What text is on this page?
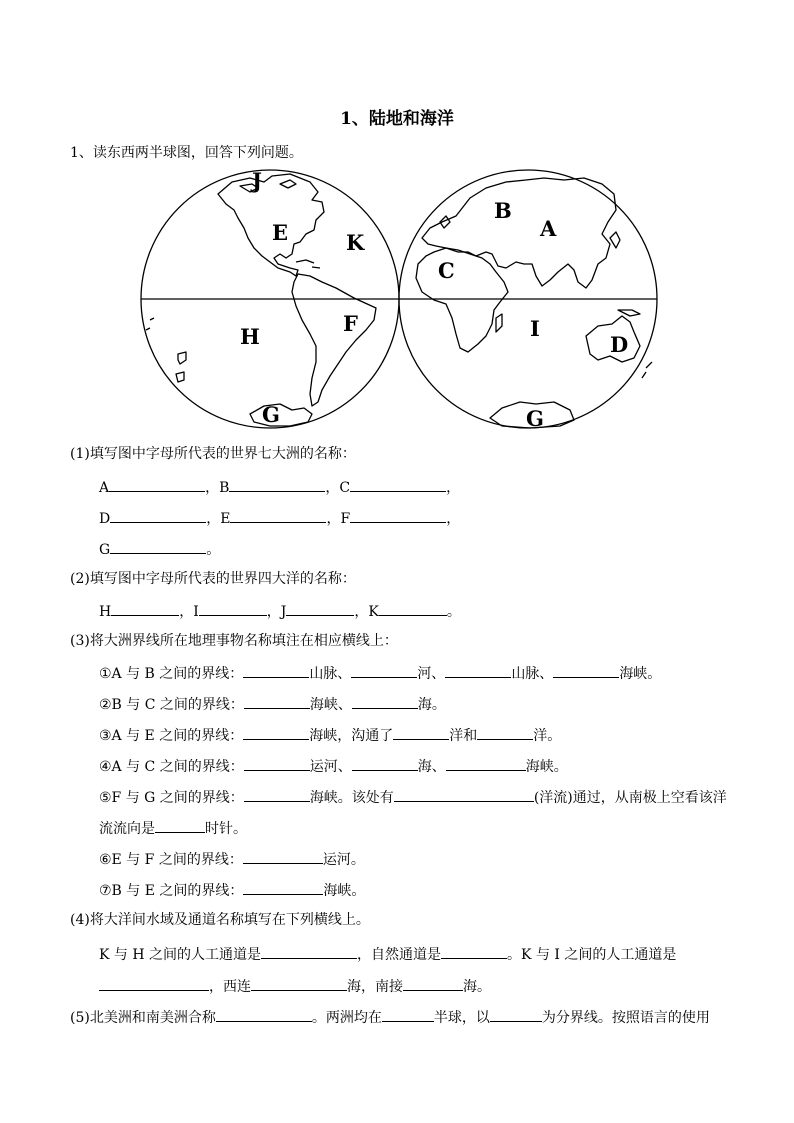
1、陆地和海洋
1、读东西两半球图，回答下列问题。
J
E	K
H
F
G
B
A
C
I
D
G
(1)填写图中字母所代表的世界七大洲的名称：
A	，B	，C	，
D	，E	，F	，
G	。
(2)填写图中字母所代表的世界四大洋的名称：
H	，I	，J	，K	。
(3)将大洲界线所在地理事物名称填注在相应横线上：
①A 与 B 之间的界线：	山脉、	河、	山脉、	海峡。
②B 与 C 之间的界线：	海峡、	海。
③A 与 E 之间的界线：	海峡，沟通了	洋和	洋。
④A 与 C 之间的界线：	运河、	海、	海峡。
⑤F 与 G 之间的界线：	海峡。该处有	(洋流)通过，从南极上空看该洋
流流向是	时针。
⑥E 与 F 之间的界线：	运河。
⑦B 与 E 之间的界线：	海峡。
(4)将大洋间水域及通道名称填写在下列横线上。
K 与 H 之间的人工通道是	，自然通道是	。K 与 I 之间的人工通道是
，西连	海，南接	海。
(5)北美洲和南美洲合称	。两洲均在	半球，以	为分界线。按照语言的使用
